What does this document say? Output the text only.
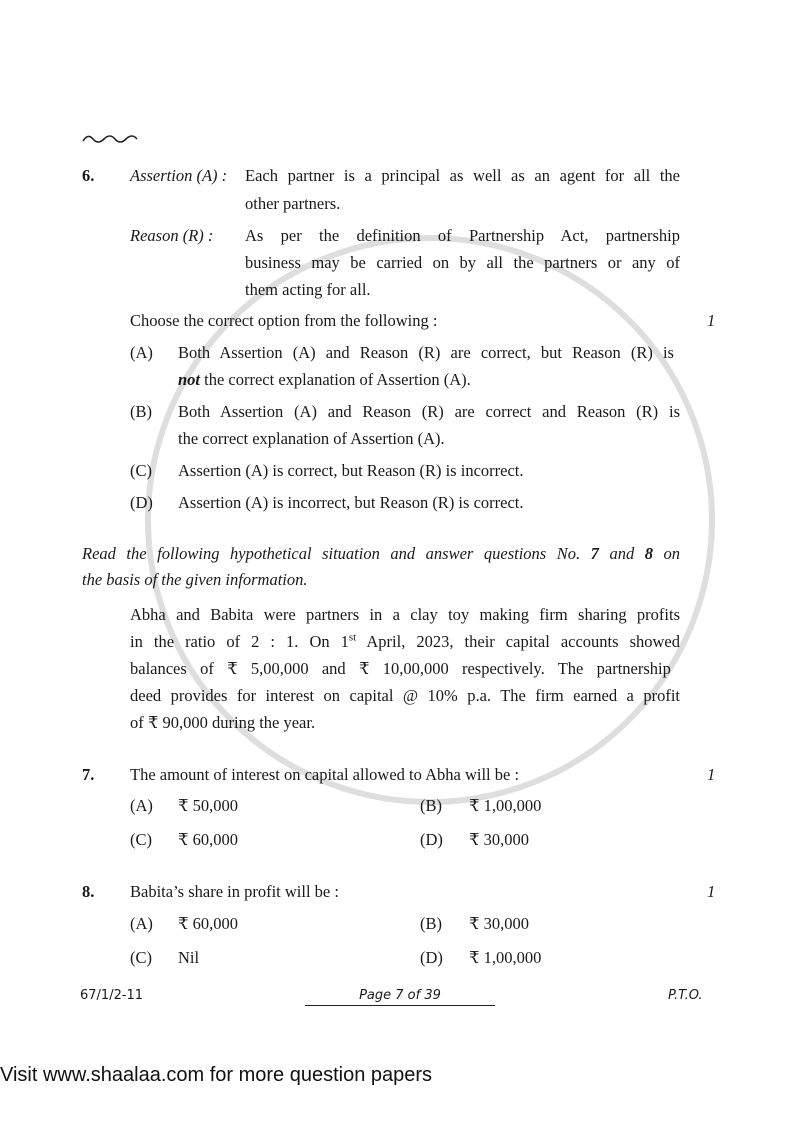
6. Assertion (A) : Each partner is a principal as well as an agent for all the
other partners.
Reason (R) : As per the definition of Partnership Act, partnership
business may be carried on by all the partners or any of
them acting for all.
Choose the correct option from the following :	1
(A) Both Assertion (A) and Reason (R) are correct, but Reason (R) is
not the correct explanation of Assertion (A).
(B) Both Assertion (A) and Reason (R) are correct and Reason (R) is
the correct explanation of Assertion (A).
(C) Assertion (A) is correct, but Reason (R) is incorrect.
(D) Assertion (A) is incorrect, but Reason (R) is correct.
Read the following hypothetical situation and answer questions No. 7 and 8 on
the basis of the given information.
Abha and Babita were partners in a clay toy making firm sharing profits
in the ratio of 2 : 1. On 1st April, 2023, their capital accounts showed
balances of ₹ 5,00,000 and ₹ 10,00,000 respectively. The partnership
deed provides for interest on capital @ 10% p.a. The firm earned a profit
of ₹ 90,000 during the year.
7. The amount of interest on capital allowed to Abha will be :	1
(A) ₹ 50,000	(B) ₹ 1,00,000
(C) ₹ 60,000	(D) ₹ 30,000
8. Babita’s share in profit will be :	1
(A) ₹ 60,000	(B) ₹ 30,000
(C) Nil	(D) ₹ 1,00,000
67/1/2-11	Page 7 of 39	P.T.O.
Visit www.shaalaa.com for more question papers
